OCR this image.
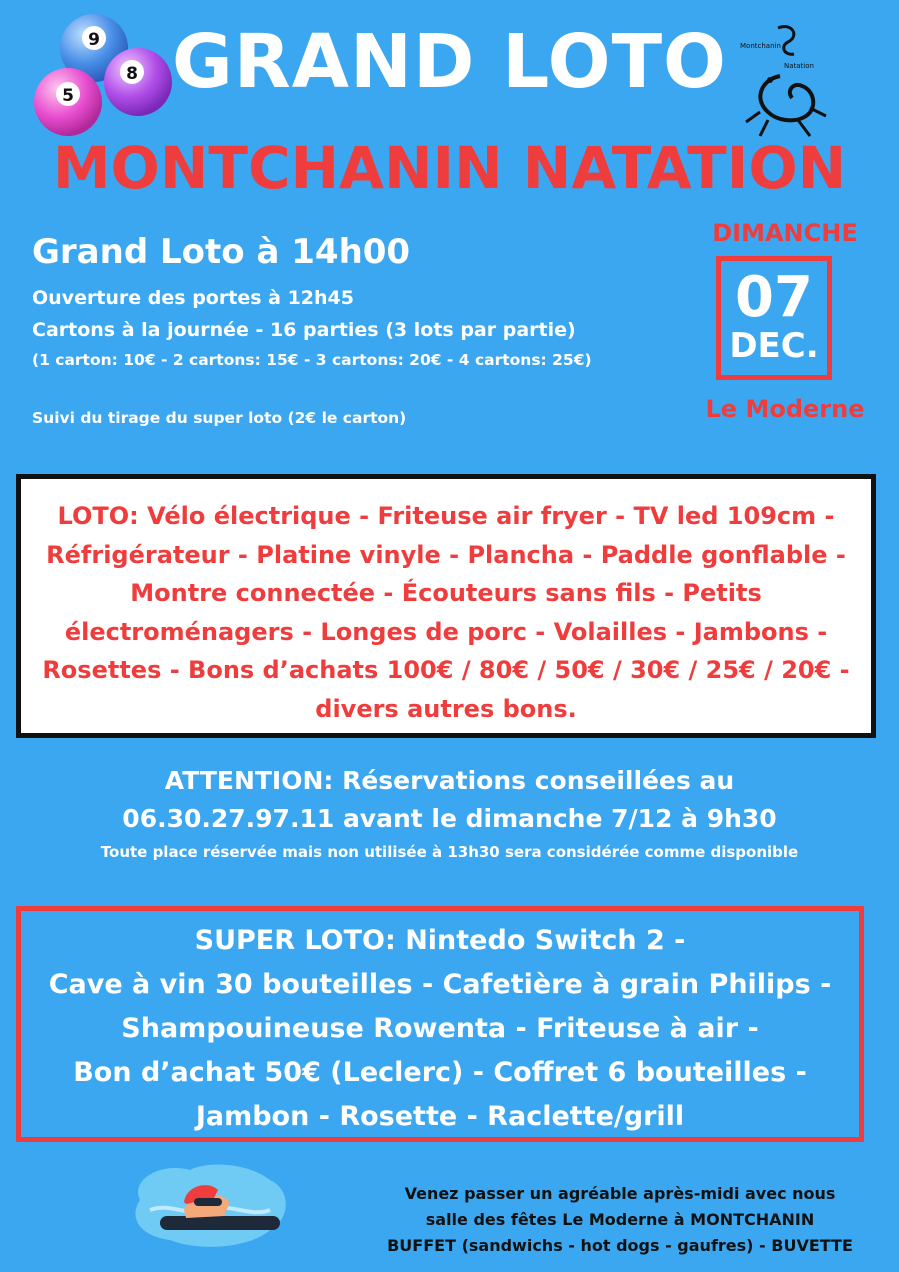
9
8
5	GRAND LOTO
MONTCHANIN NATATION
Montchanin
Natation
Grand Loto à 14h00
Ouverture des portes à 12h45
Cartons à la journée - 16 parties (3 lots par partie)
(1 carton: 10€ - 2 cartons: 15€ - 3 cartons: 20€ - 4 cartons: 25€)
Suivi du tirage du super loto (2€ le carton)
DIMANCHE
07
DEC.
Le Moderne
LOTO: Vélo électrique - Friteuse air fryer - TV led 109cm -
Réfrigérateur - Platine vinyle - Plancha - Paddle gonflable -
Montre connectée - Écouteurs sans fils - Petits
électroménagers - Longes de porc - Volailles - Jambons -
Rosettes - Bons d’achats 100€ / 80€ / 50€ / 30€ / 25€ / 20€ -
divers autres bons.
ATTENTION: Réservations conseillées au
06.30.27.97.11 avant le dimanche 7/12 à 9h30
Toute place réservée mais non utilisée à 13h30 sera considérée comme disponible
SUPER LOTO: Nintedo Switch 2 -
Cave à vin 30 bouteilles - Cafetière à grain Philips -
Shampouineuse Rowenta - Friteuse à air -
Bon d’achat 50€ (Leclerc) - Coffret 6 bouteilles -
Jambon - Rosette - Raclette/grill
Venez passer un agréable après-midi avec nous
salle des fêtes Le Moderne à MONTCHANIN
BUFFET (sandwichs - hot dogs - gaufres) - BUVETTE
